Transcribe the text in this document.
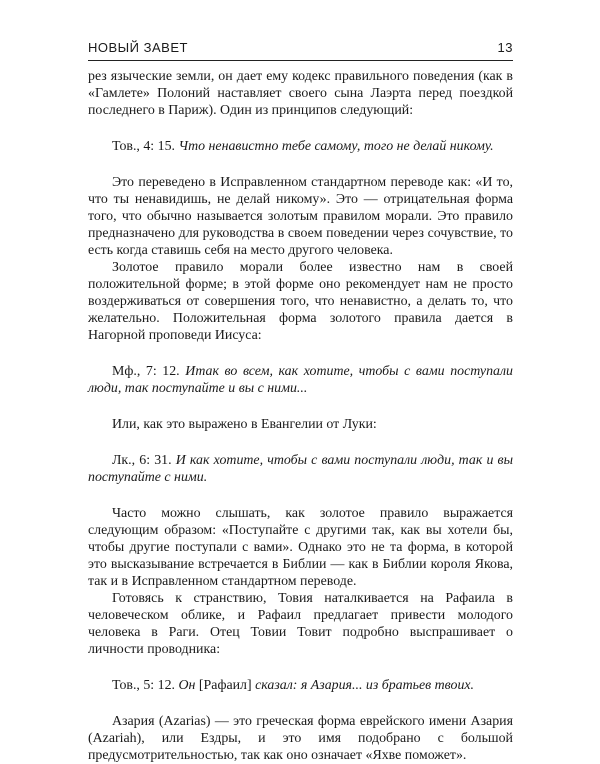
НОВЫЙ ЗАВЕТ	13

рез языческие земли, он дает ему кодекс правильного поведения (как в «Гамлете» Полоний наставляет своего сына Лаэрта перед поездкой последнего в Париж). Один из принципов следующий:

Тов., 4: 15. Что ненавистно тебе самому, того не делай никому.

Это переведено в Исправленном стандартном переводе как: «И то, что ты ненавидишь, не делай никому». Это — отрицательная форма того, что обычно называется золотым правилом морали. Это правило предназначено для руководства в своем поведении через сочувствие, то есть когда ставишь себя на место другого человека.

Золотое правило морали более известно нам в своей положительной форме; в этой форме оно рекомендует нам не просто воздерживаться от совершения того, что ненавистно, а делать то, что желательно. Положительная форма золотого правила дается в Нагорной проповеди Иисуса:

Мф., 7: 12. Итак во всем, как хотите, чтобы с вами поступали люди, так поступайте и вы с ними...

Или, как это выражено в Евангелии от Луки:

Лк., 6: 31. И как хотите, чтобы с вами поступали люди, так и вы поступайте с ними.

Часто можно слышать, как золотое правило выражается следующим образом: «Поступайте с другими так, как вы хотели бы, чтобы другие поступали с вами». Однако это не та форма, в которой это высказывание встречается в Библии — как в Библии короля Якова, так и в Исправленном стандартном переводе.

Готовясь к странствию, Товия наталкивается на Рафаила в человеческом облике, и Рафаил предлагает привести молодого человека в Раги. Отец Товии Товит подробно выспрашивает о личности проводника:

Тов., 5: 12. Он [Рафаил] сказал: я Азария... из братьев твоих.

Азария (Azarias) — это греческая форма еврейского имени Азария (Azariah), или Ездры, и это имя подобрано с большой предусмотрительностью, так как оно означает «Яхве поможет».
